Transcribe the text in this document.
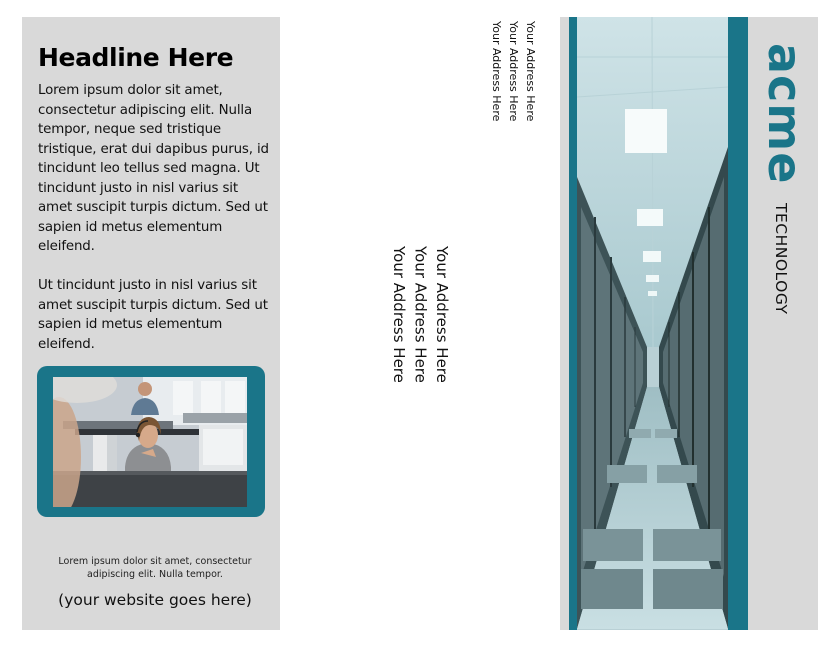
Headline Here

Lorem ipsum dolor sit amet, consectetur adipiscing elit. Nulla tempor, neque sed tristique tristique, erat dui dapibus purus, id tincidunt leo tellus sed magna. Ut tincidunt justo in nisl varius sit amet suscipit turpis dictum. Sed ut sapien id metus elementum eleifend.

Ut tincidunt justo in nisl varius sit amet suscipit turpis dictum. Sed ut sapien id metus elementum eleifend.

Lorem ipsum dolor sit amet, consectetur adipiscing elit. Nulla tempor.
(your website goes here)
Your Address Here
Your Address Here
Your Address Here
Your Address Here
Your Address Here
Your Address Here
acme
TECHNOLOGY
